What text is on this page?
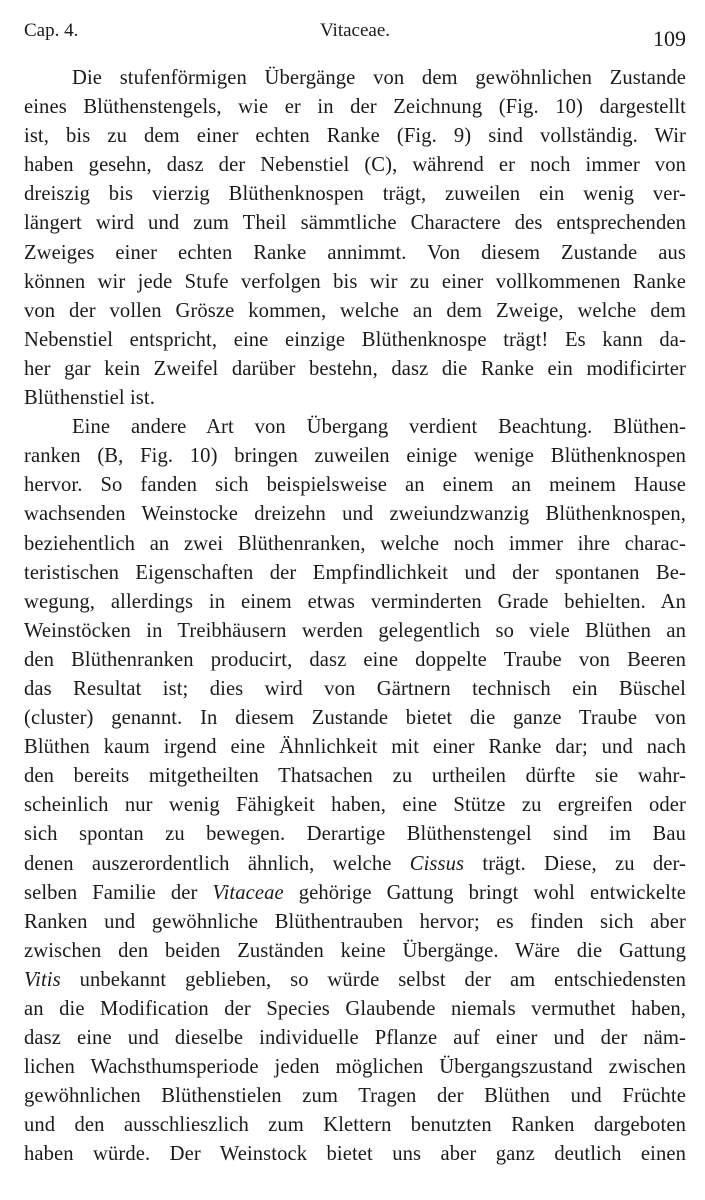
Cap. 4.	Vitaceae.	109
Die stufenförmigen Übergänge von dem gewöhnlichen Zustande
eines Blüthenstengels, wie er in der Zeichnung (Fig. 10) dargestellt
ist, bis zu dem einer echten Ranke (Fig. 9) sind vollständig. Wir
haben gesehn, dasz der Nebenstiel (C), während er noch immer von
dreiszig bis vierzig Blüthenknospen trägt, zuweilen ein wenig ver-
längert wird und zum Theil sämmtliche Charactere des entsprechenden
Zweiges einer echten Ranke annimmt. Von diesem Zustande aus
können wir jede Stufe verfolgen bis wir zu einer vollkommenen Ranke
von der vollen Grösze kommen, welche an dem Zweige, welche dem
Nebenstiel entspricht, eine einzige Blüthenknospe trägt! Es kann da-
her gar kein Zweifel darüber bestehn, dasz die Ranke ein modificirter
Blüthenstiel ist.
Eine andere Art von Übergang verdient Beachtung. Blüthen-
ranken (B, Fig. 10) bringen zuweilen einige wenige Blüthenknospen
hervor. So fanden sich beispielsweise an einem an meinem Hause
wachsenden Weinstocke dreizehn und zweiundzwanzig Blüthenknospen,
beziehentlich an zwei Blüthenranken, welche noch immer ihre charac-
teristischen Eigenschaften der Empfindlichkeit und der spontanen Be-
wegung, allerdings in einem etwas verminderten Grade behielten. An
Weinstöcken in Treibhäusern werden gelegentlich so viele Blüthen an
den Blüthenranken producirt, dasz eine doppelte Traube von Beeren
das Resultat ist; dies wird von Gärtnern technisch ein Büschel
(cluster) genannt. In diesem Zustande bietet die ganze Traube von
Blüthen kaum irgend eine Ähnlichkeit mit einer Ranke dar; und nach
den bereits mitgetheilten Thatsachen zu urtheilen dürfte sie wahr-
scheinlich nur wenig Fähigkeit haben, eine Stütze zu ergreifen oder
sich spontan zu bewegen. Derartige Blüthenstengel sind im Bau
denen auszerordentlich ähnlich, welche Cissus trägt. Diese, zu der-
selben Familie der Vitaceae gehörige Gattung bringt wohl entwickelte
Ranken und gewöhnliche Blüthentrauben hervor; es finden sich aber
zwischen den beiden Zuständen keine Übergänge. Wäre die Gattung
Vitis unbekannt geblieben, so würde selbst der am entschiedensten
an die Modification der Species Glaubende niemals vermuthet haben,
dasz eine und dieselbe individuelle Pflanze auf einer und der näm-
lichen Wachsthumsperiode jeden möglichen Übergangszustand zwischen
gewöhnlichen Blüthenstielen zum Tragen der Blüthen und Früchte
und den ausschlieszlich zum Klettern benutzten Ranken dargeboten
haben würde. Der Weinstock bietet uns aber ganz deutlich einen
